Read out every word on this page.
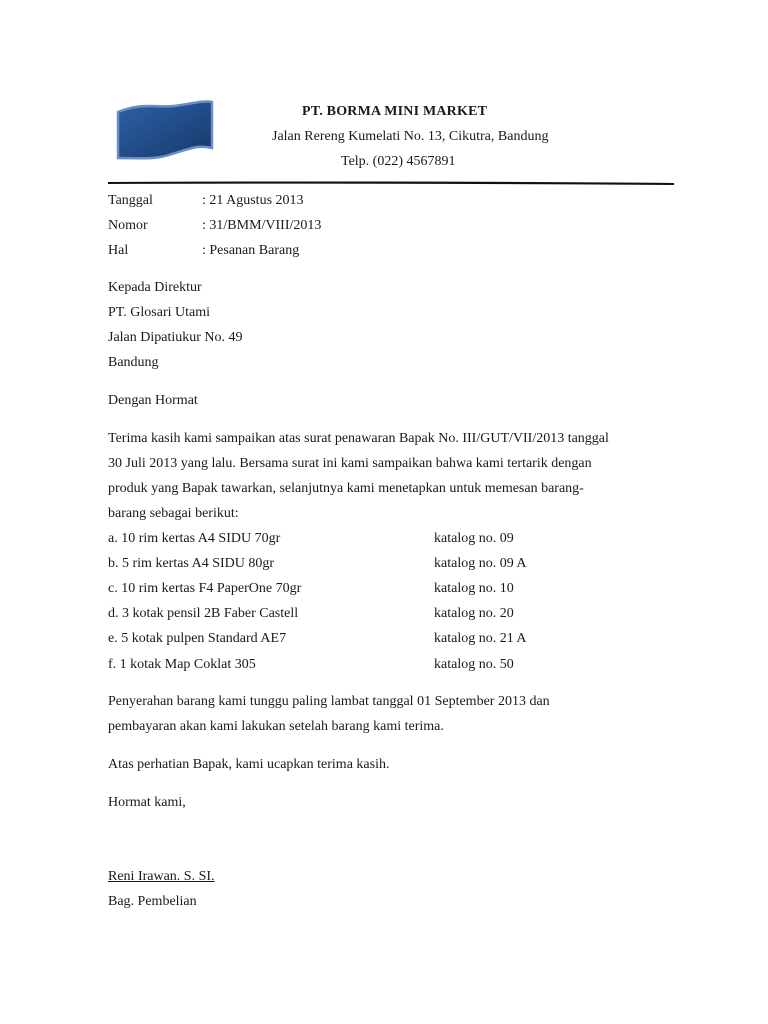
PT. BORMA MINI MARKET
Jalan Rereng Kumelati No. 13, Cikutra, Bandung
Telp. (022) 4567891
Tanggal	: 21 Agustus 2013
Nomor	: 31/BMM/VIII/2013
Hal	: Pesanan Barang
Kepada Direktur
PT. Glosari Utami
Jalan Dipatiukur No. 49
Bandung
Dengan Hormat
Terima kasih kami sampaikan atas surat penawaran Bapak No. III/GUT/VII/2013 tanggal
30 Juli 2013 yang lalu. Bersama surat ini kami sampaikan bahwa kami tertarik dengan
produk yang Bapak tawarkan, selanjutnya kami menetapkan untuk memesan barang-
barang sebagai berikut:
a. 10 rim kertas A4 SIDU 70gr	katalog no. 09
b. 5 rim kertas A4 SIDU 80gr	katalog no. 09 A
c. 10 rim kertas F4 PaperOne 70gr	katalog no. 10
d. 3 kotak pensil 2B Faber Castell	katalog no. 20
e. 5 kotak pulpen Standard AE7	katalog no. 21 A
f. 1 kotak Map Coklat 305	katalog no. 50
Penyerahan barang kami tunggu paling lambat tanggal 01 September 2013 dan
pembayaran akan kami lakukan setelah barang kami terima.
Atas perhatian Bapak, kami ucapkan terima kasih.
Hormat kami,
Reni Irawan. S. SI.
Bag. Pembelian
